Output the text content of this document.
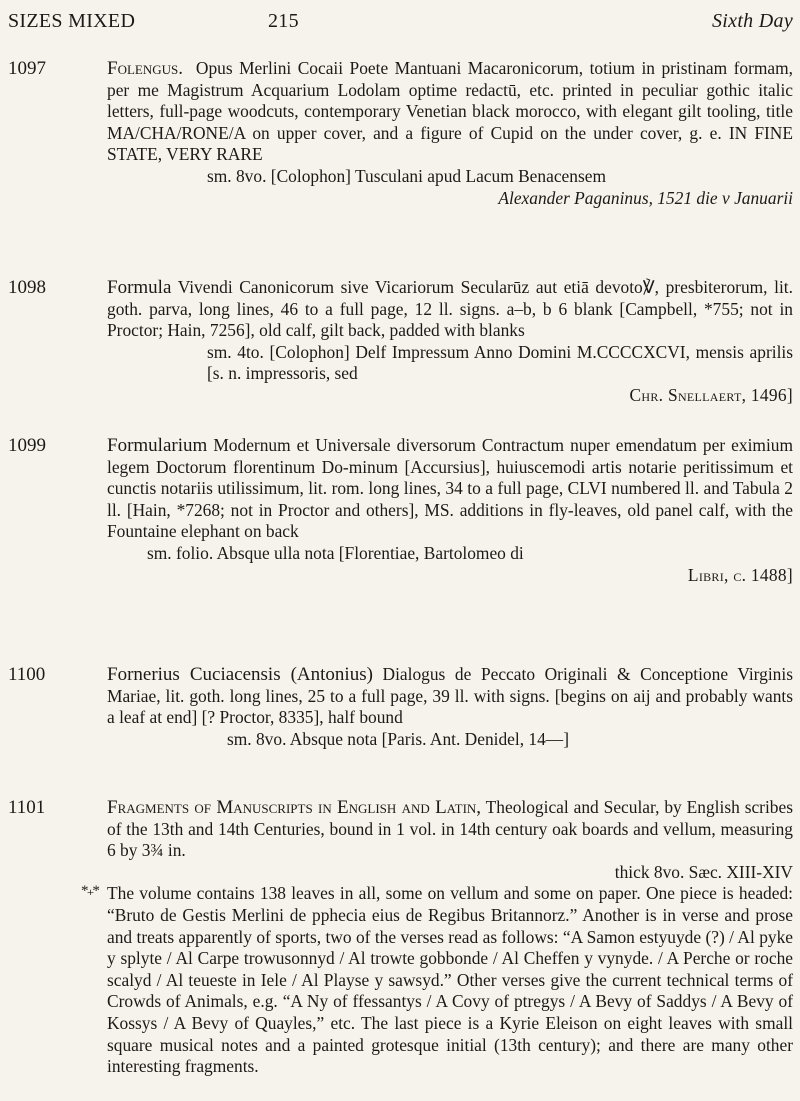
SIZES MIXED	215	Sixth Day
1097	Folengus. Opus Merlini Cocaii Poete Mantuani Macaronicorum, totium in pristinam formam, per me Magistrum Acquarium Lodolam optime redactū, etc. printed in peculiar gothic italic letters, full-page woodcuts, contemporary Venetian black morocco, with elegant gilt tooling, title MA/CHA/RONE/A on upper cover, and a figure of Cupid on the under cover, g. e. IN FINE STATE, VERY RARE

sm. 8vo. [Colophon] Tusculani apud Lacum Benacensem

Alexander Paganinus, 1521 die v Januarii

1098	Formula Vivendi Canonicorum sive Vicariorum Secularūz aut etiā devoto℣, presbiterorum, lit. goth. parva, long lines, 46 to a full page, 12 ll. signs. a–b, b 6 blank [Campbell, *755; not in Proctor; Hain, 7256], old calf, gilt back, padded with blanks

sm. 4to. [Colophon] Delf Impressum Anno Domini M.CCCCXCVI, mensis aprilis [s. n. impressoris, sed

Chr. Snellaert, 1496]

1099	Formularium Modernum et Universale diversorum Contractum nuper emendatum per eximium legem Doctorum florentinum Do-minum [Accursius], huiuscemodi artis notarie peritissimum et cunctis notariis utilissimum, lit. rom. long lines, 34 to a full page, CLVI numbered ll. and Tabula 2 ll. [Hain, *7268; not in Proctor and others], MS. additions in fly-leaves, old panel calf, with the Fountaine elephant on back

sm. folio. Absque ulla nota [Florentiae, Bartolomeo di

Libri, c. 1488]

1100	Fornerius Cuciacensis (Antonius) Dialogus de Peccato Originali & Conceptione Virginis Mariae, lit. goth. long lines, 25 to a full page, 39 ll. with signs. [begins on aij and probably wants a leaf at end] [? Proctor, 8335], half bound

sm. 8vo. Absque nota [Paris. Ant. Denidel, 14—]

1101	Fragments of Manuscripts in English and Latin, Theological and Secular, by English scribes of the 13th and 14th Centuries, bound in 1 vol. in 14th century oak boards and vellum, measuring 6 by 3¾ in.

thick 8vo. Sæc. XIII-XIV

*₊* The volume contains 138 leaves in all, some on vellum and some on paper. One piece is headed: “Bruto de Gestis Merlini de pphecia eius de Regibus Britannorz.” Another is in verse and prose and treats apparently of sports, two of the verses read as follows: “A Samon estyuyde (?) / Al pyke y splyte / Al Carpe trowusonnyd / Al trowte gobbonde / Al Cheffen y vynyde. / A Perche or roche scalyd / Al teueste in Iele / Al Playse y sawsyd.” Other verses give the current technical terms of Crowds of Animals, e.g. “A Ny of ffessantys / A Covy of ptregys / A Bevy of Saddys / A Bevy of Kossys / A Bevy of Quayles,” etc. The last piece is a Kyrie Eleison on eight leaves with small square musical notes and a painted grotesque initial (13th century); and there are many other interesting fragments.
